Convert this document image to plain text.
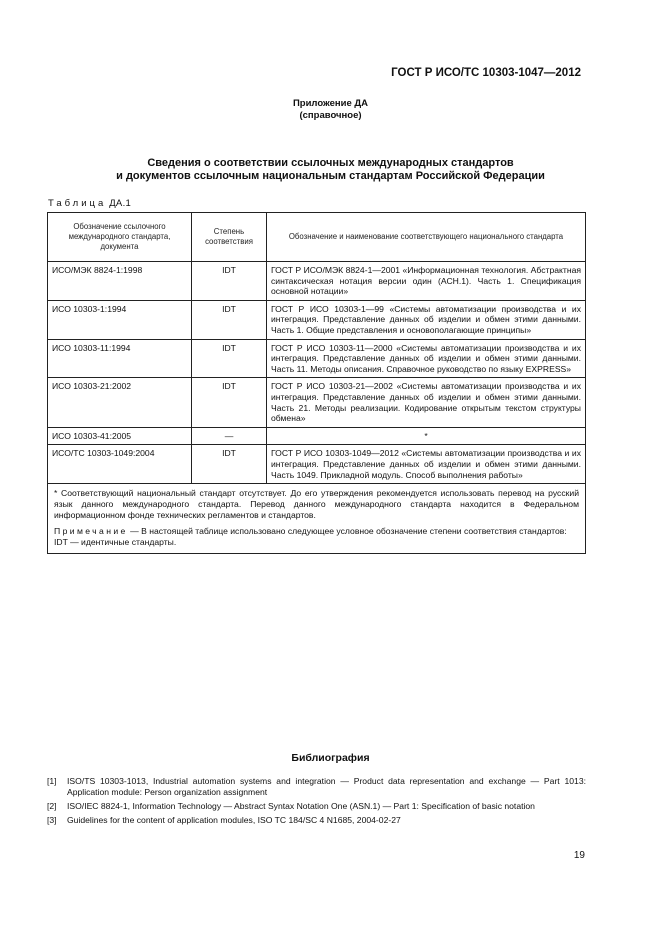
ГОСТ Р ИСО/ТС 10303-1047—2012
Приложение ДА
(справочное)
Сведения о соответствии ссылочных международных стандартов
и документов ссылочным национальным стандартам Российской Федерации
Таблица ДА.1
Обозначение ссылочного международного стандарта, документа	Степень соответствия	Обозначение и наименование соответствующего национального стандарта
ИСО/МЭК 8824-1:1998	IDT	ГОСТ Р ИСО/МЭК 8824-1—2001 «Информационная технология. Абстрактная синтаксическая нотация версии один (АСН.1). Часть 1. Спецификация основной нотации»
ИСО 10303-1:1994	IDT	ГОСТ Р ИСО 10303-1—99 «Системы автоматизации производства и их интеграция. Представление данных об изделии и обмен этими данными. Часть 1. Общие представления и основополагающие принципы»
ИСО 10303-11:1994	IDT	ГОСТ Р ИСО 10303-11—2000 «Системы автоматизации производства и их интеграция. Представление данных об изделии и обмен этими данными. Часть 11. Методы описания. Справочное руководство по языку EXPRESS»
ИСО 10303-21:2002	IDT	ГОСТ Р ИСО 10303-21—2002 «Системы автоматизации производства и их интеграция. Представление данных об изделии и обмен этими данными. Часть 21. Методы реализации. Кодирование открытым текстом структуры обмена»
ИСО 10303-41:2005	—	*
ИСО/ТС 10303-1049:2004	IDT	ГОСТ Р ИСО 10303-1049—2012 «Системы автоматизации производства и их интеграция. Представление данных об изделии и обмен этими данными. Часть 1049. Прикладной модуль. Способ выполнения работы»

* Соответствующий национальный стандарт отсутствует. До его утверждения рекомендуется использовать перевод на русский язык данного международного стандарта. Перевод данного международного стандарта находится в Федеральном информационном фонде технических регламентов и стандартов.

Примечание — В настоящей таблице использовано следующее условное обозначение степени соответствия стандартов:
IDT — идентичные стандарты.		

Библиография
[1]	ISO/TS 10303-1013, Industrial automation systems and integration — Product data representation and exchange — Part 1013: Application module: Person organization assignment
[2]	ISO/IEC 8824-1, Information Technology — Abstract Syntax Notation One (ASN.1) — Part 1: Specification of basic notation
[3]	Guidelines for the content of application modules, ISO TC 184/SC 4 N1685, 2004-02-27
19
